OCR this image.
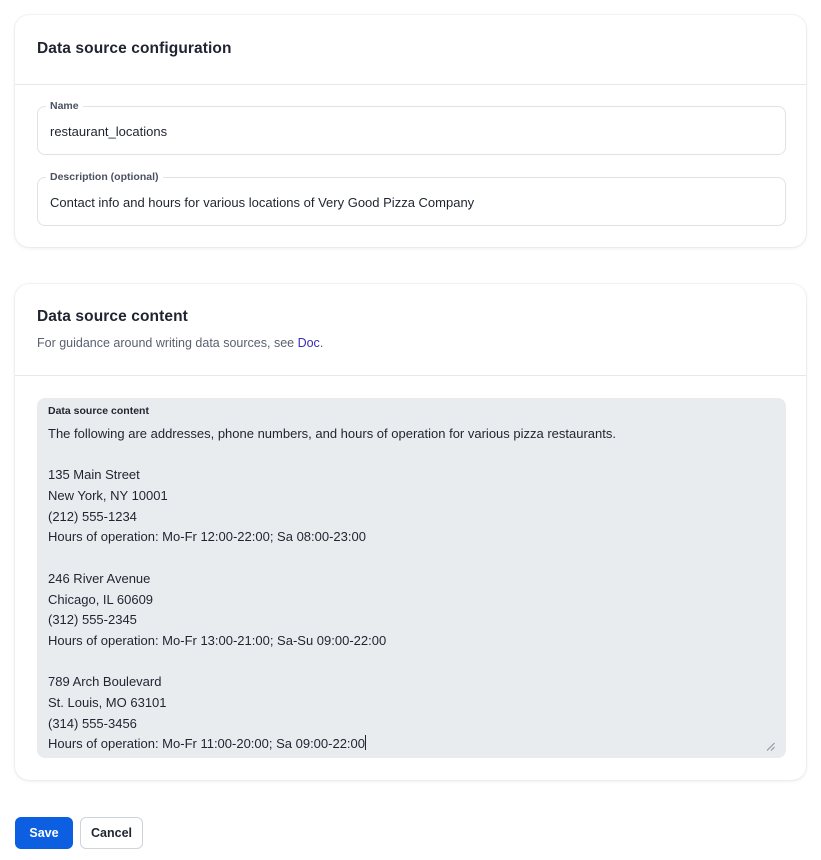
Data source configuration
Name
restaurant_locations
Description (optional)
Contact info and hours for various locations of Very Good Pizza Company
Data source content
For guidance around writing data sources, see Doc.
Data source content
The following are addresses, phone numbers, and hours of operation for various pizza restaurants.
135 Main Street
New York, NY 10001
(212) 555-1234
Hours of operation: Mo-Fr 12:00-22:00; Sa 08:00-23:00
246 River Avenue
Chicago, IL 60609
(312) 555-2345
Hours of operation: Mo-Fr 13:00-21:00; Sa-Su 09:00-22:00
789 Arch Boulevard
St. Louis, MO 63101
(314) 555-3456
Hours of operation: Mo-Fr 11:00-20:00; Sa 09:00-22:00
Save	Cancel
